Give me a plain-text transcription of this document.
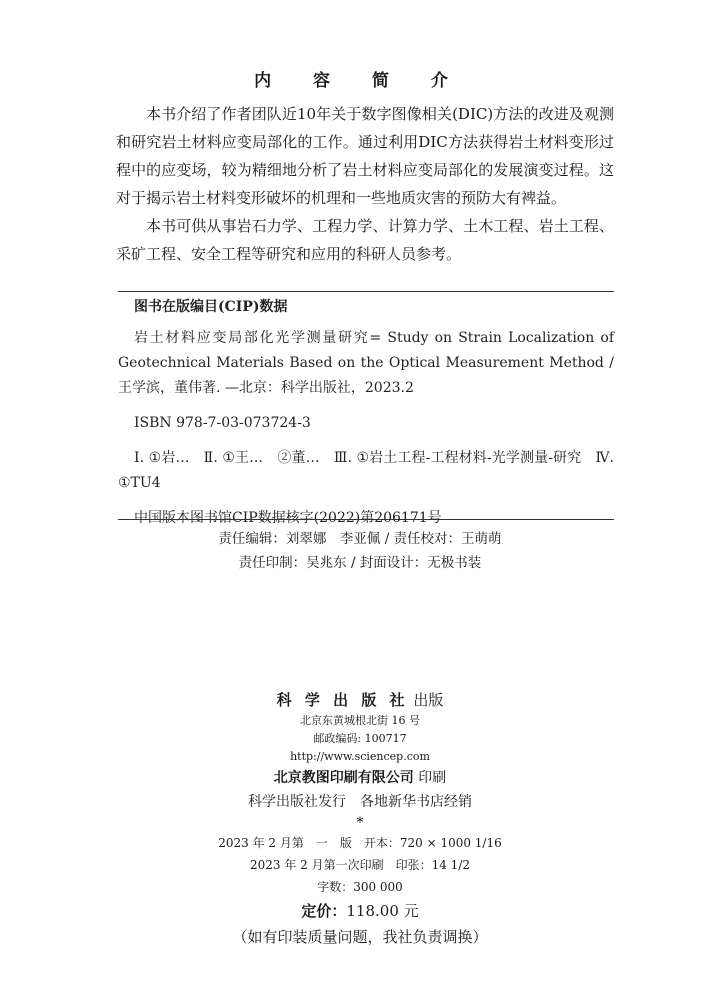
内 容 简 介

本书介绍了作者团队近10年关于数字图像相关(DIC)方法的改进及观测和研究岩土材料应变局部化的工作。通过利用DIC方法获得岩土材料变形过程中的应变场，较为精细地分析了岩土材料应变局部化的发展演变过程。这对于揭示岩土材料变形破坏的机理和一些地质灾害的预防大有裨益。

本书可供从事岩石力学、工程力学、计算力学、土木工程、岩土工程、采矿工程、安全工程等研究和应用的科研人员参考。

图书在版编目(CIP)数据
岩土材料应变局部化光学测量研究= Study on Strain Localization of Geotechnical Materials Based on the Optical Measurement Method / 王学滨，董伟著. —北京：科学出版社，2023.2
ISBN 978-7-03-073724-3
Ⅰ. ①岩…　Ⅱ. ①王…　②董…　Ⅲ. ①岩土工程-工程材料-光学测量-研究　Ⅳ. ①TU4
中国版本图书馆CIP数据核字(2022)第206171号
责任编辑：刘翠娜　李亚佩 / 责任校对：王萌萌
责任印制：吴兆东 / 封面设计：无极书装
科 学 出 版 社 出版
北京东黄城根北街 16 号
邮政编码: 100717
http://www.sciencep.com
北京教图印刷有限公司 印刷
科学出版社发行　各地新华书店经销
*
2023 年 2 月第　一　版　开本：720 × 1000 1/16
2023 年 2 月第一次印刷　印张：14 1/2
字数：300 000
定价：118.00 元
（如有印装质量问题，我社负责调换）
